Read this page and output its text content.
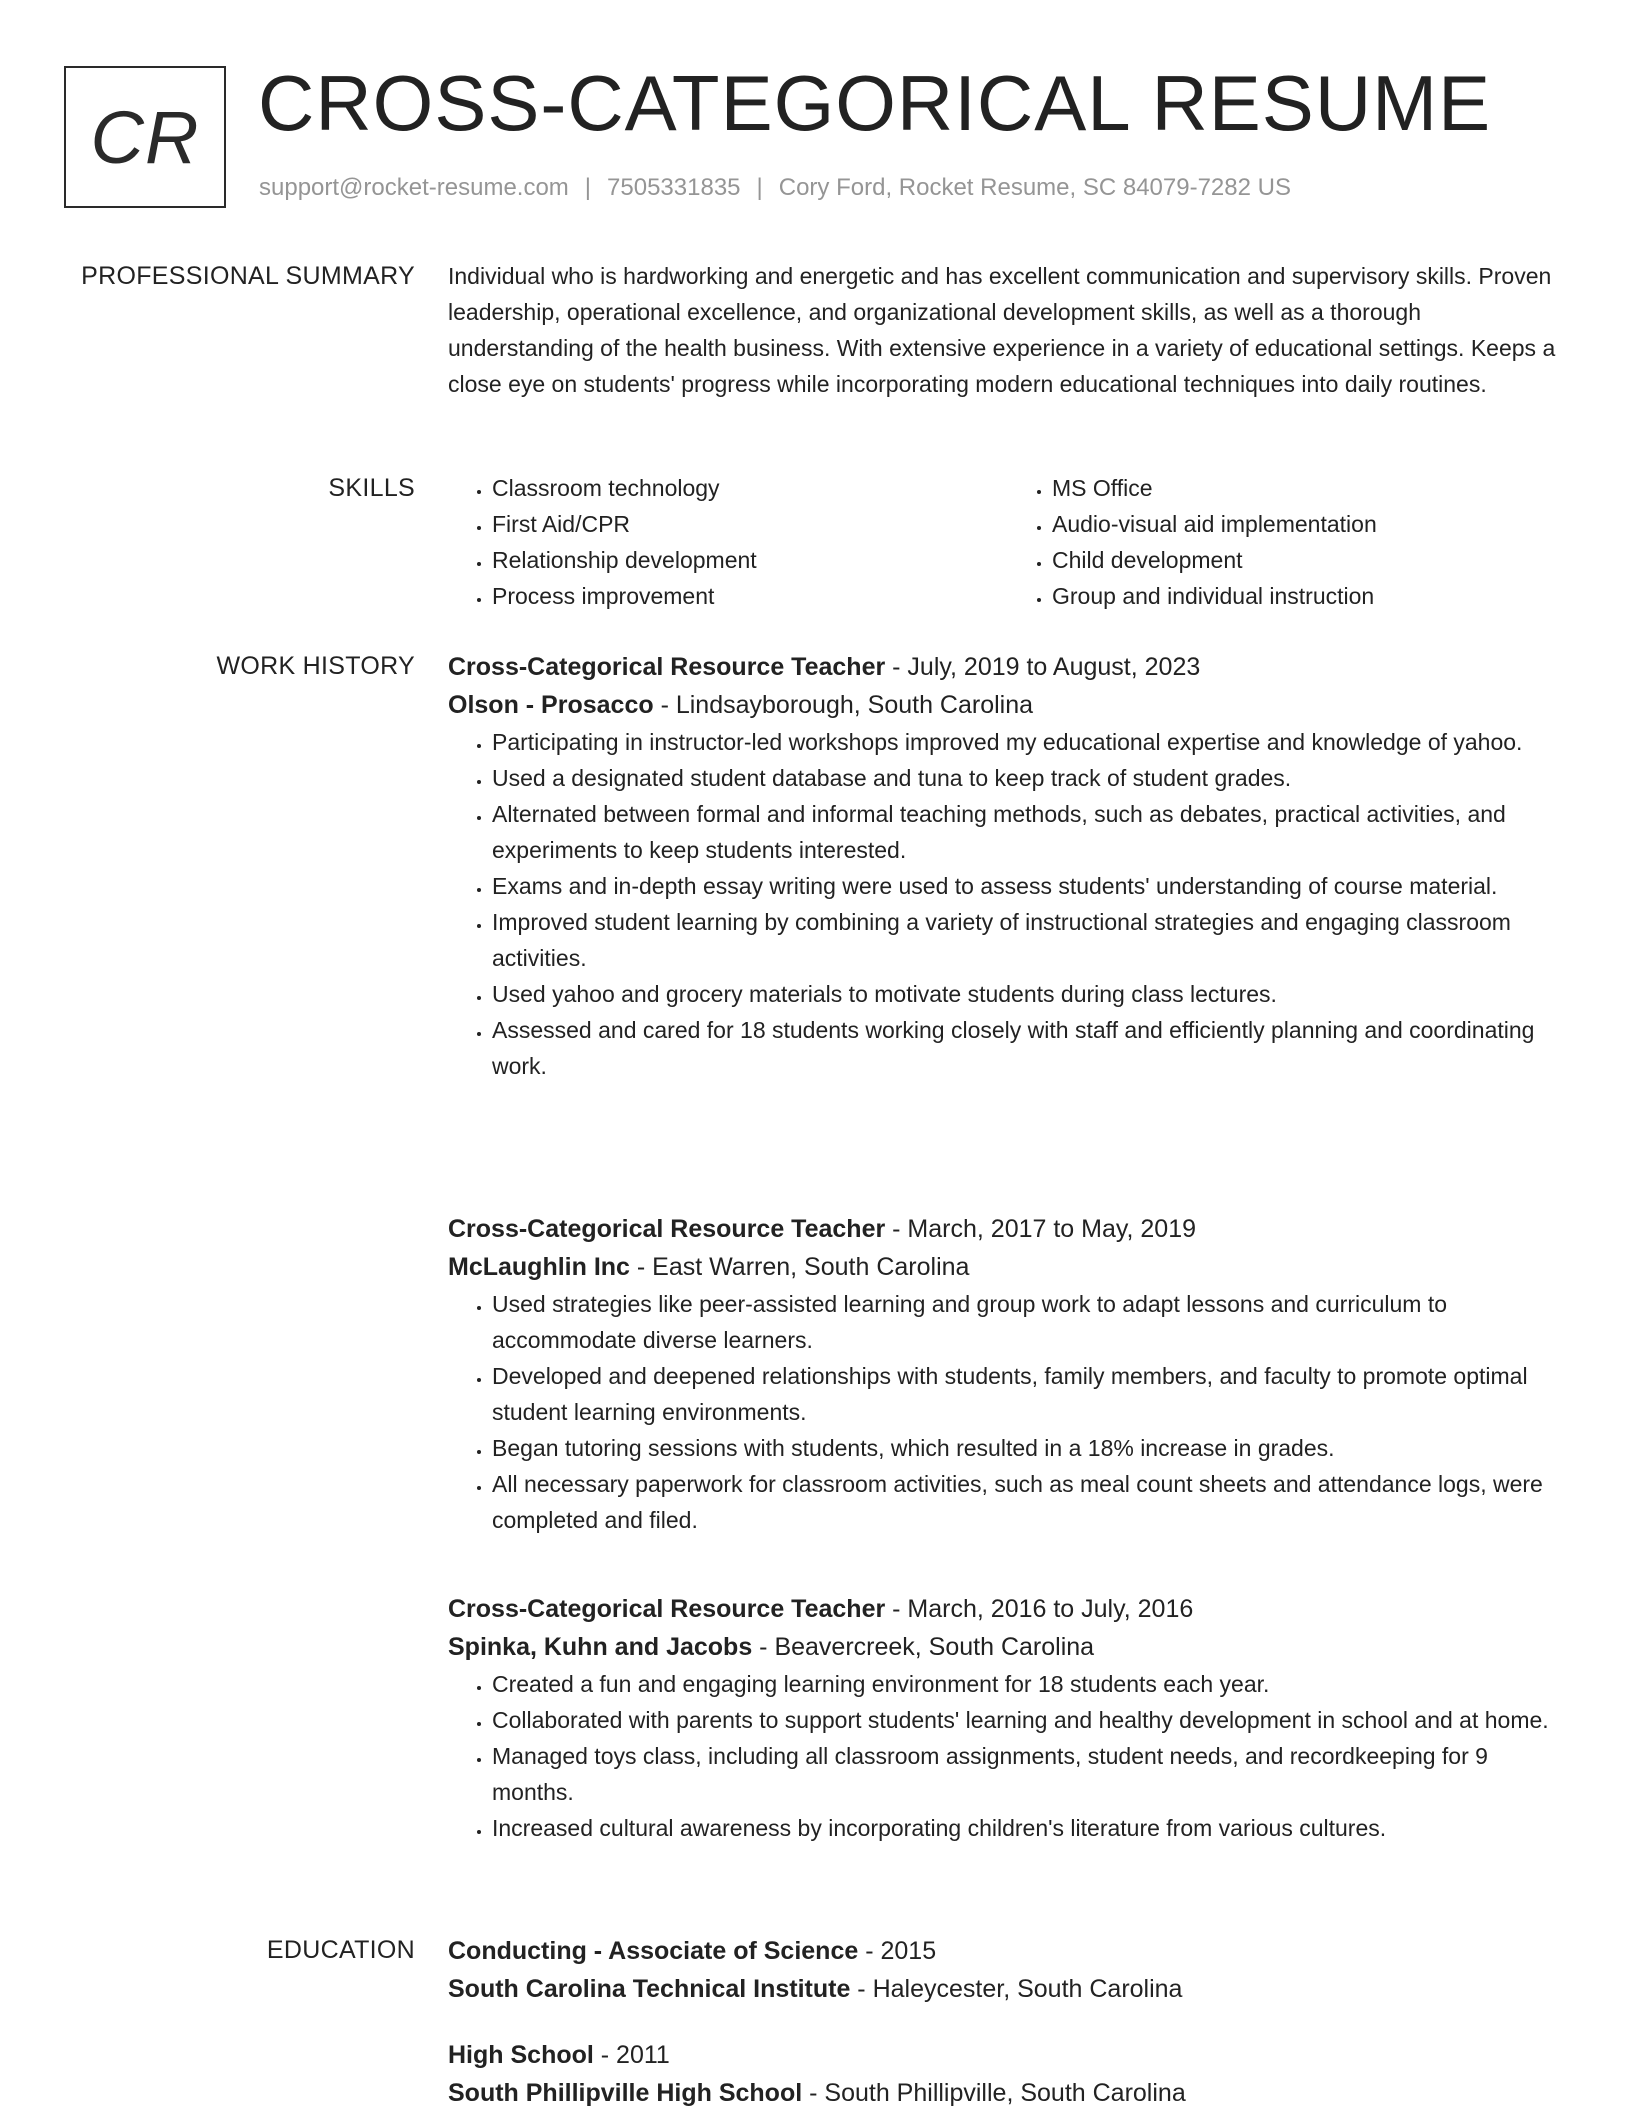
CR CROSS-CATEGORICAL RESUME
support@rocket-resume.com | 7505331835 | Cory Ford, Rocket Resume, SC 84079-7282 US
PROFESSIONAL SUMMARY Individual who is hardworking and energetic and has excellent communication and supervisory skills. Proven leadership, operational excellence, and organizational development skills, as well as a thorough understanding of the health business. With extensive experience in a variety of educational settings. Keeps a close eye on students' progress while incorporating modern educational techniques into daily routines.

SKILLS
•	Classroom technology
• First Aid/CPR
• Relationship development
• Process improvement
• MS Office
• Audio-visual aid implementation
• Child development
• Group and individual instruction
WORK HISTORY Cross-Categorical Resource Teacher - July, 2019 to August, 2023
Olson - Prosacco - Lindsayborough, South Carolina
• Participating in instructor-led workshops improved my educational expertise and knowledge of yahoo.
• Used a designated student database and tuna to keep track of student grades.
• Alternated between formal and informal teaching methods, such as debates, practical activities, and experiments to keep students interested.
• Exams and in-depth essay writing were used to assess students' understanding of course material.
• Improved student learning by combining a variety of instructional strategies and engaging classroom activities.
• Used yahoo and grocery materials to motivate students during class lectures.
• Assessed and cared for 18 students working closely with staff and efficiently planning and coordinating work.
Cross-Categorical Resource Teacher - March, 2017 to May, 2019
McLaughlin Inc - East Warren, South Carolina
• Used strategies like peer-assisted learning and group work to adapt lessons and curriculum to accommodate diverse learners.
• Developed and deepened relationships with students, family members, and faculty to promote optimal student learning environments.
• Began tutoring sessions with students, which resulted in a 18% increase in grades.
• All necessary paperwork for classroom activities, such as meal count sheets and attendance logs, were completed and filed.
Cross-Categorical Resource Teacher - March, 2016 to July, 2016
Spinka, Kuhn and Jacobs - Beavercreek, South Carolina
• Created a fun and engaging learning environment for 18 students each year.
• Collaborated with parents to support students' learning and healthy development in school and at home.
• Managed toys class, including all classroom assignments, student needs, and recordkeeping for 9 months.
• Increased cultural awareness by incorporating children's literature from various cultures.
EDUCATION Conducting - Associate of Science - 2015
South Carolina Technical Institute - Haleycester, South Carolina
High School - 2011
South Phillipville High School - South Phillipville, South Carolina
